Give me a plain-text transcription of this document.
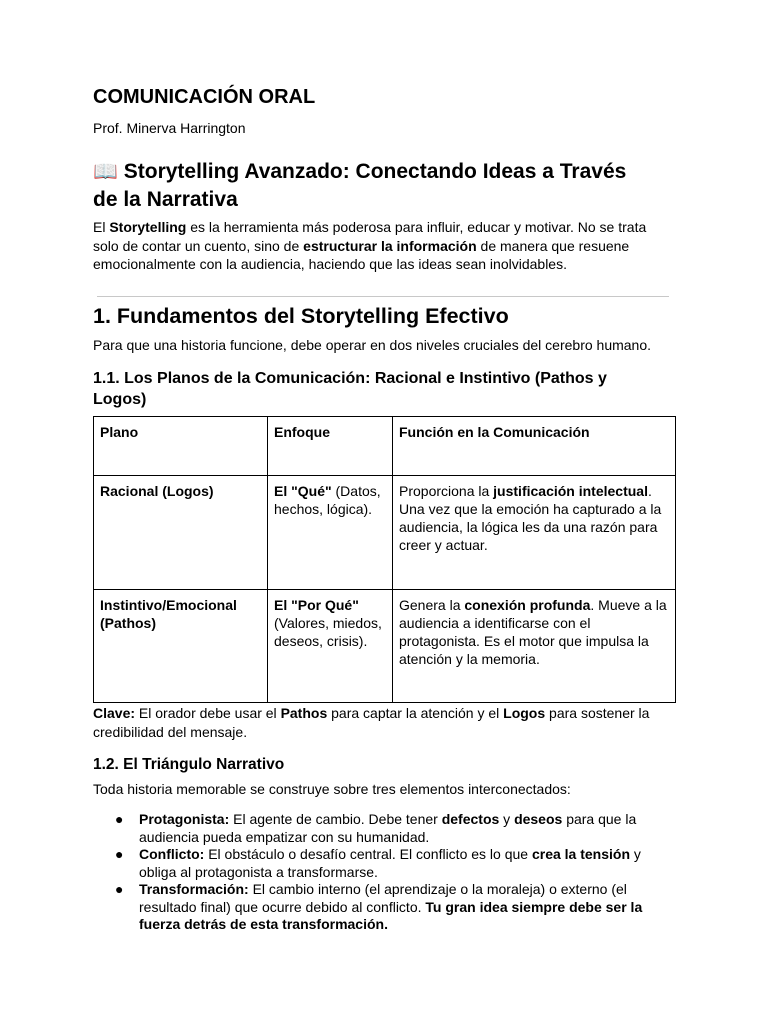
COMUNICACIÓN ORAL
Prof. Minerva Harrington
📖 Storytelling Avanzado: Conectando Ideas a Través
de la Narrativa

El Storytelling es la herramienta más poderosa para influir, educar y motivar. No se trata solo de contar un cuento, sino de estructurar la información de manera que resuene emocionalmente con la audiencia, haciendo que las ideas sean inolvidables.

1. Fundamentos del Storytelling Efectivo

Para que una historia funcione, debe operar en dos niveles cruciales del cerebro humano.

1.1. Los Planos de la Comunicación: Racional e Instintivo (Pathos y
Logos)
Plano	Enfoque	Función en la Comunicación
Racional (Logos)	El "Qué" (Datos, hechos, lógica).	Proporciona la justificación intelectual. Una vez que la emoción ha capturado a la audiencia, la lógica les da una razón para creer y actuar.
Instintivo/Emocional (Pathos)	El "Por Qué" (Valores, miedos, deseos, crisis).	Genera la conexión profunda. Mueve a la audiencia a identificarse con el protagonista. Es el motor que impulsa la atención y la memoria.

Clave: El orador debe usar el Pathos para captar la atención y el Logos para sostener la credibilidad del mensaje.

1.2. El Triángulo Narrativo

Toda historia memorable se construye sobre tres elementos interconectados:

● Protagonista: El agente de cambio. Debe tener defectos y deseos para que la audiencia pueda empatizar con su humanidad.
● Conflicto: El obstáculo o desafío central. El conflicto es lo que crea la tensión y obliga al protagonista a transformarse.
● Transformación: El cambio interno (el aprendizaje o la moraleja) o externo (el resultado final) que ocurre debido al conflicto. Tu gran idea siempre debe ser la fuerza detrás de esta transformación.
